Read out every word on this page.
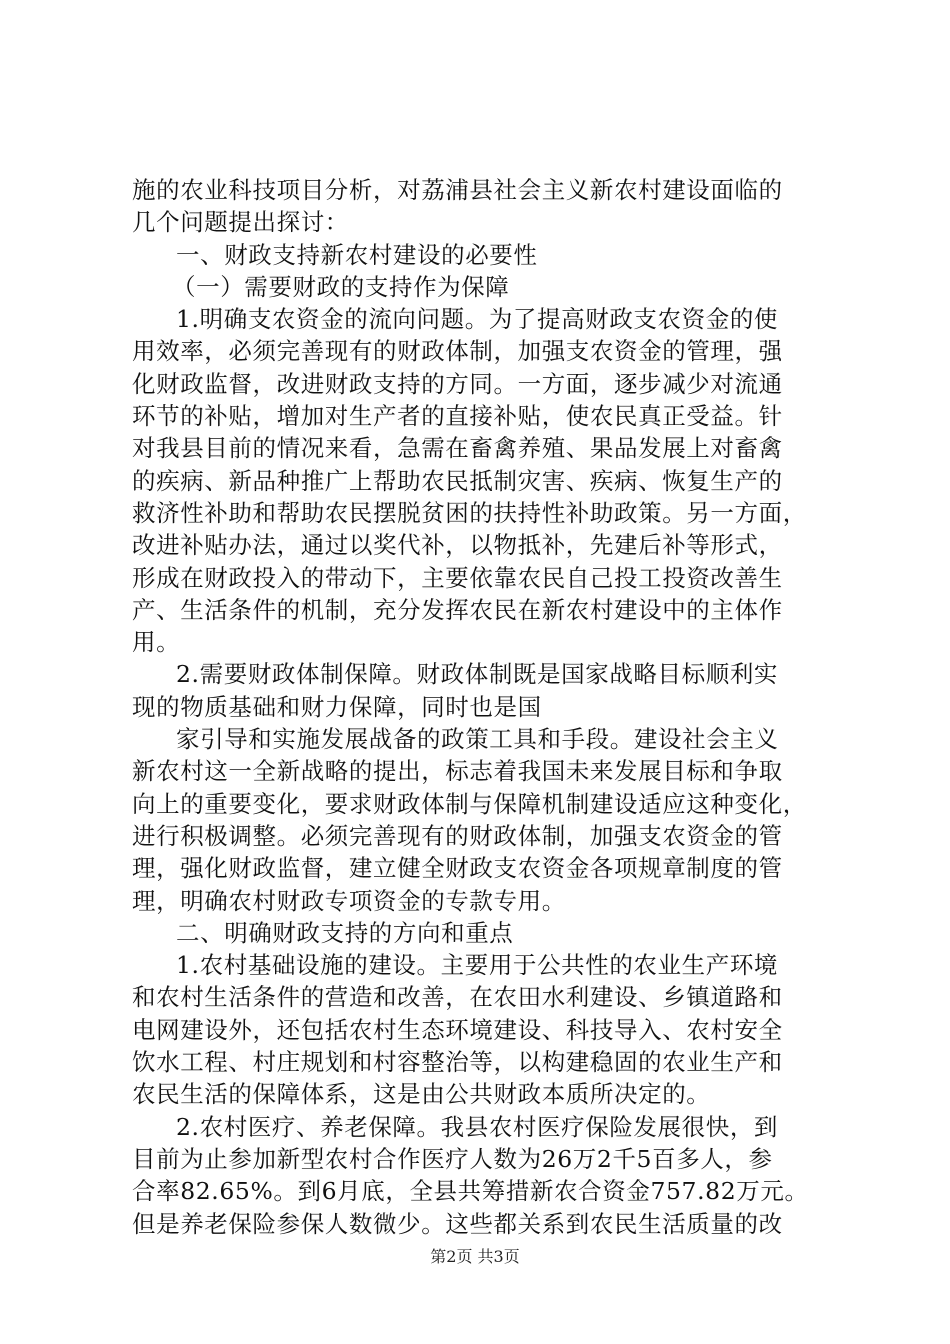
施的农业科技项目分析，对荔浦县社会主义新农村建设面临的
几个问题提出探讨：
一、财政支持新农村建设的必要性
（一）需要财政的支持作为保障
1.明确支农资金的流向问题。为了提高财政支农资金的使
用效率，必须完善现有的财政体制，加强支农资金的管理，强
化财政监督，改进财政支持的方同。一方面，逐步减少对流通
环节的补贴，增加对生产者的直接补贴，使农民真正受益。针
对我县目前的情况来看，急需在畜禽养殖、果品发展上对畜禽
的疾病、新品种推广上帮助农民抵制灾害、疾病、恢复生产的
救济性补助和帮助农民摆脱贫困的扶持性补助政策。另一方面，
改进补贴办法，通过以奖代补，以物抵补，先建后补等形式，
形成在财政投入的带动下，主要依靠农民自己投工投资改善生
产、生活条件的机制，充分发挥农民在新农村建设中的主体作
用。
2.需要财政体制保障。财政体制既是国家战略目标顺利实
现的物质基础和财力保障，同时也是国
家引导和实施发展战备的政策工具和手段。建设社会主义
新农村这一全新战略的提出，标志着我国未来发展目标和争取
向上的重要变化，要求财政体制与保障机制建设适应这种变化，
进行积极调整。必须完善现有的财政体制，加强支农资金的管
理，强化财政监督，建立健全财政支农资金各项规章制度的管
理，明确农村财政专项资金的专款专用。
二、明确财政支持的方向和重点
1.农村基础设施的建设。主要用于公共性的农业生产环境
和农村生活条件的营造和改善，在农田水利建设、乡镇道路和
电网建设外，还包括农村生态环境建设、科技导入、农村安全
饮水工程、村庄规划和村容整治等，以构建稳固的农业生产和
农民生活的保障体系，这是由公共财政本质所决定的。
2.农村医疗、养老保障。我县农村医疗保险发展很快，到
目前为止参加新型农村合作医疗人数为26万2千5百多人，参
合率82.65%。到6月底，全县共筹措新农合资金757.82万元。
但是养老保险参保人数微少。这些都关系到农民生活质量的改
第2页 共3页
